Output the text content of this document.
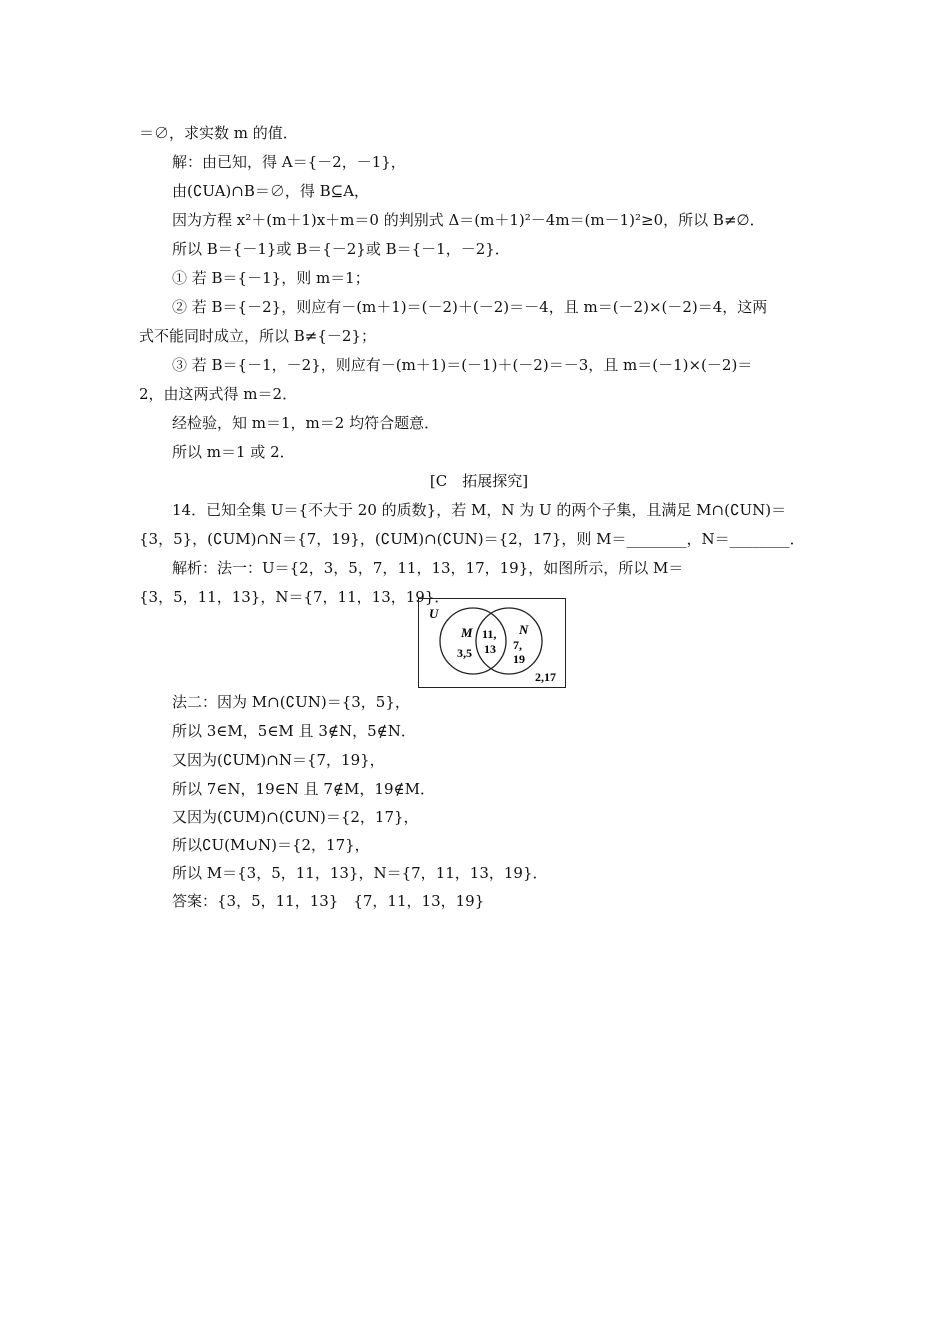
＝∅，求实数 m 的值．
解：由已知，得 A＝{－2，－1}，
由(∁UA)∩B＝∅，得 B⊆A，
因为方程 x²＋(m＋1)x＋m＝0 的判别式 Δ＝(m＋1)²－4m＝(m－1)²≥0，所以 B≠∅．
所以 B＝{－1}或 B＝{－2}或 B＝{－1，－2}．
① 若 B＝{－1}，则 m＝1；
② 若 B＝{－2}，则应有－(m＋1)＝(－2)＋(－2)＝－4，且 m＝(－2)×(－2)＝4，这两
式不能同时成立，所以 B≠{－2}；
③ 若 B＝{－1，－2}，则应有－(m＋1)＝(－1)＋(－2)＝－3，且 m＝(－1)×(－2)＝
2，由这两式得 m＝2．
经检验，知 m＝1，m＝2 均符合题意．
所以 m＝1 或 2．
[C　拓展探究]
14．已知全集 U＝{不大于 20 的质数}，若 M，N 为 U 的两个子集，且满足 M∩(∁UN)＝
{3，5}，(∁UM)∩N＝{7，19}，(∁UM)∩(∁UN)＝{2，17}，则 M＝________，N＝________．
解析：法一：U＝{2，3，5，7，11，13，17，19}，如图所示，所以 M＝
{3，5，11，13}，N＝{7，11，13，19}．
U
M
3,5
11,
13
N
7,
19
2,17
法二：因为 M∩(∁UN)＝{3，5}，
所以 3∈M，5∈M 且 3∉N，5∉N．
又因为(∁UM)∩N＝{7，19}，
所以 7∈N，19∈N 且 7∉M，19∉M．
又因为(∁UM)∩(∁UN)＝{2，17}，
所以∁U(M∪N)＝{2，17}，
所以 M＝{3，5，11，13}，N＝{7，11，13，19}．
答案：{3，5，11，13}　{7，11，13，19}
